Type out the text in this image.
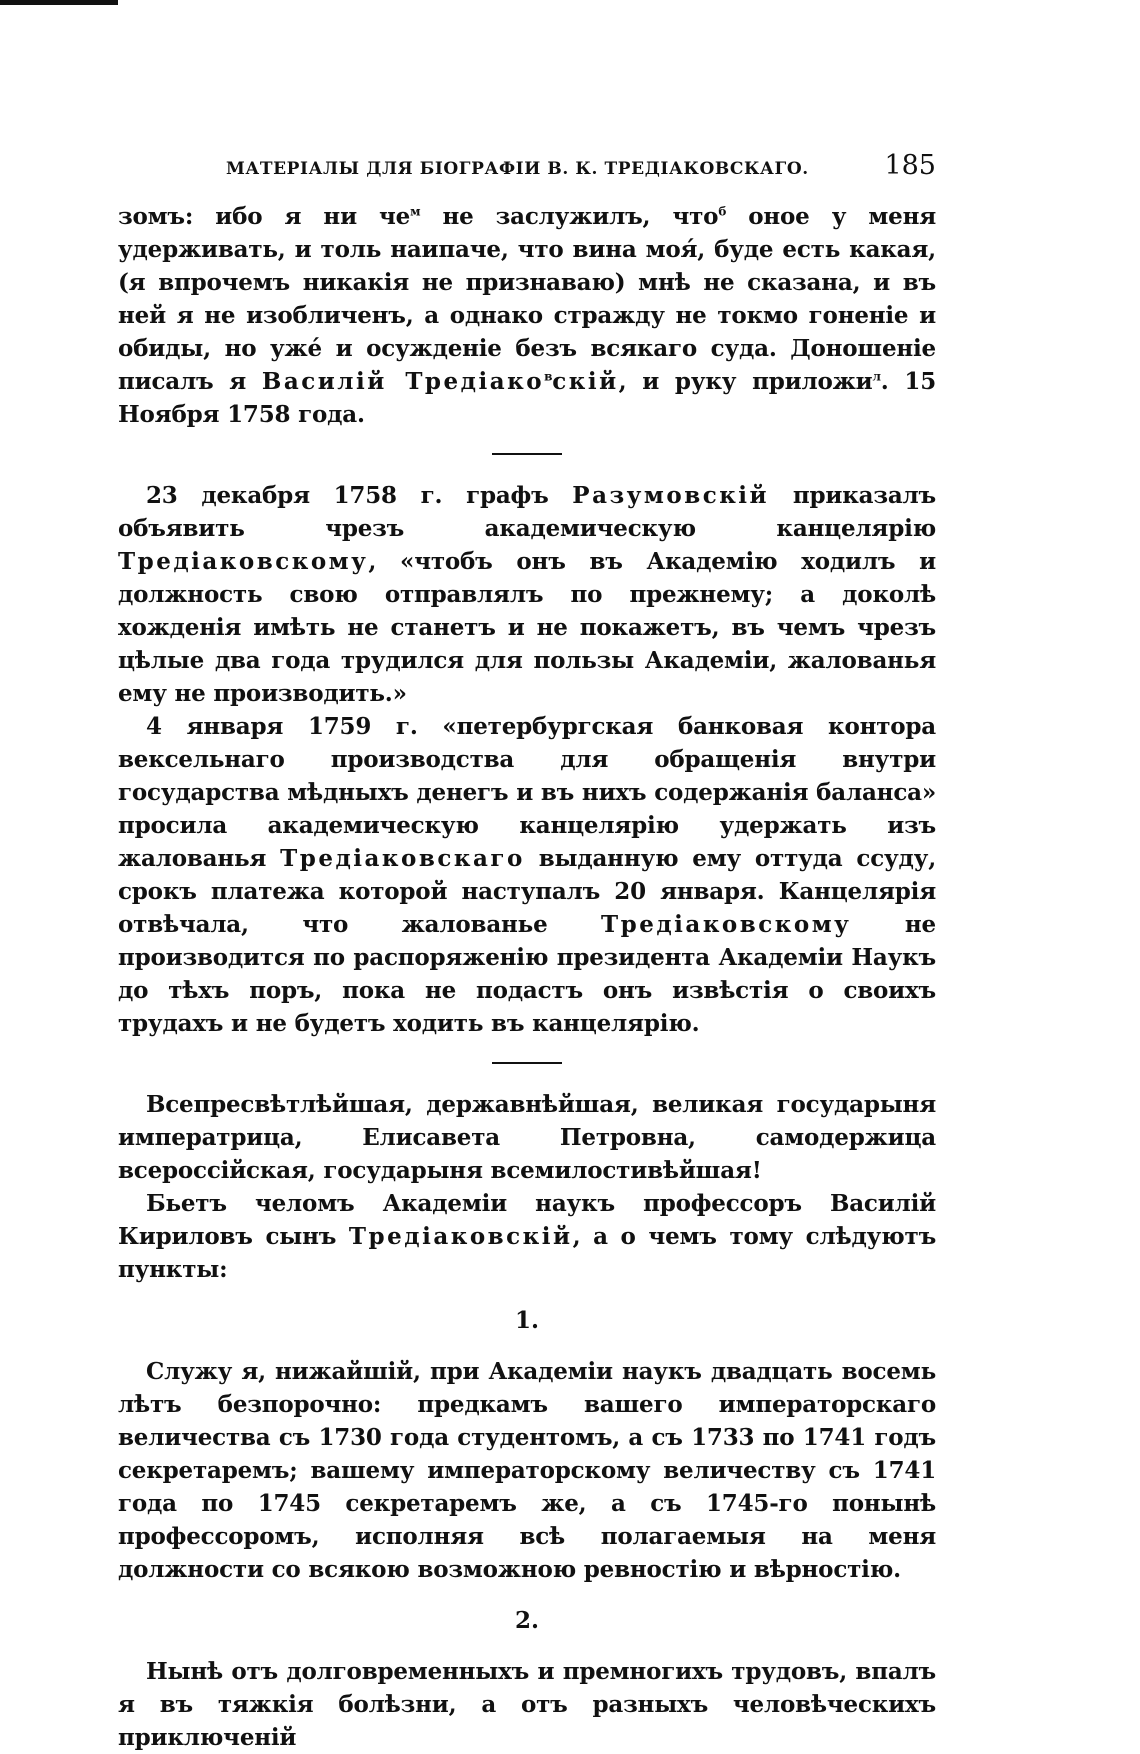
МАТЕРІАЛЫ ДЛЯ БІОГРАФІИ В. К. ТРЕДІАКОВСКАГО.	185

зомъ: ибо я ни $че^м$ не заслужилъ, что$^б$ оное у меня удерживать, и толь наипаче, что вина моя́, буде есть какая, (я впрочемъ никакія не признаваю) мнѣ не сказана, и въ ней я не изобличенъ, а однако стражду не токмо гоненіе и обиды, но ужé и осужденіе безъ всякаго суда. Доношеніе писалъ я Василій Тредіако$^в$скій, и руку приложи$^л$. 15 Ноября 1758 года.

23 декабря 1758 г. графъ Разумовскій приказалъ объявить чрезъ академическую канцелярію Тредіаковскому, «чтобъ онъ въ Академію ходилъ и должность свою отправлялъ по прежнему; а доколѣ хожденія имѣть не станетъ и не покажетъ, въ чемъ чрезъ цѣлые два года трудился для пользы Академіи, жалованья ему не производить.»

4 января 1759 г. «петербургская банковая контора вексельнаго производства для обращенія внутри государства мѣдныхъ денегъ и въ нихъ содержанія баланса» просила академическую канцелярію удержать изъ жалованья Тредіаковскаго выданную ему оттуда ссуду, срокъ платежа которой наступалъ 20 января. Канцелярія отвѣчала, что жалованье Тредіаковскому не производится по распоряженію президента Академіи Наукъ до тѣхъ поръ, пока не подастъ онъ извѣстія о своихъ трудахъ и не будетъ ходить въ канцелярію.

Всепресвѣтлѣйшая, державнѣйшая, великая государыня императрица, Елисавета Петровна, самодержица всероссійская, государыня всемилостивѣйшая!

Бьетъ челомъ Академіи наукъ профессоръ Василій Кириловъ сынъ Тредіаковскій, а о чемъ тому слѣдуютъ пункты:

1.

Служу я, нижайшій, при Академіи наукъ двадцать восемь лѣтъ безпорочно: предкамъ вашего императорскаго величества съ 1730 года студентомъ, а съ 1733 по 1741 годъ секретаремъ; вашему императорскому величеству съ 1741 года по 1745 секретаремъ же, а съ 1745-го понынѣ профессоромъ, исполняя всѣ полагаемыя на меня должности со всякою возможною ревностію и вѣрностію.

2.

Нынѣ отъ долговременныхъ и премногихъ трудовъ, впалъ я въ тяжкія болѣзни, а отъ разныхъ человѣческихъ приключеній
